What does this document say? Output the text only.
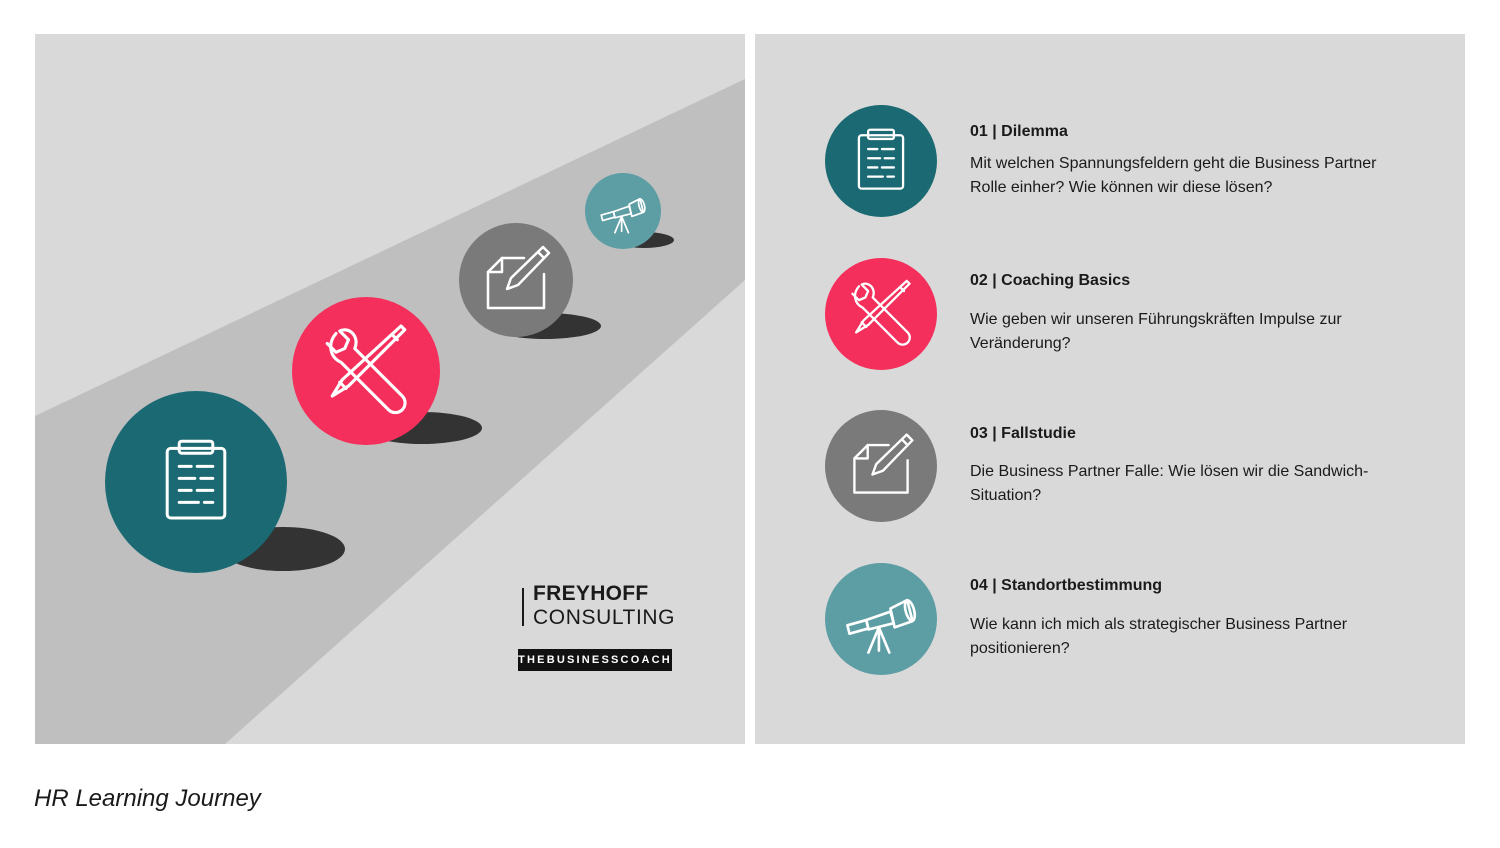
FREYHOFF
CONSULTING
THEBUSINESSCOACH
01 | Dilemma
Mit welchen Spannungsfeldern geht die Business Partner Rolle einher? Wie können wir diese lösen?
02 | Coaching Basics
Wie geben wir unseren Führungskräften Impulse zur Veränderung?
03 | Fallstudie
Die Business Partner Falle: Wie lösen wir die Sandwich-Situation?
04 | Standortbestimmung
Wie kann ich mich als strategischer Business Partner positionieren?
HR Learning Journey
